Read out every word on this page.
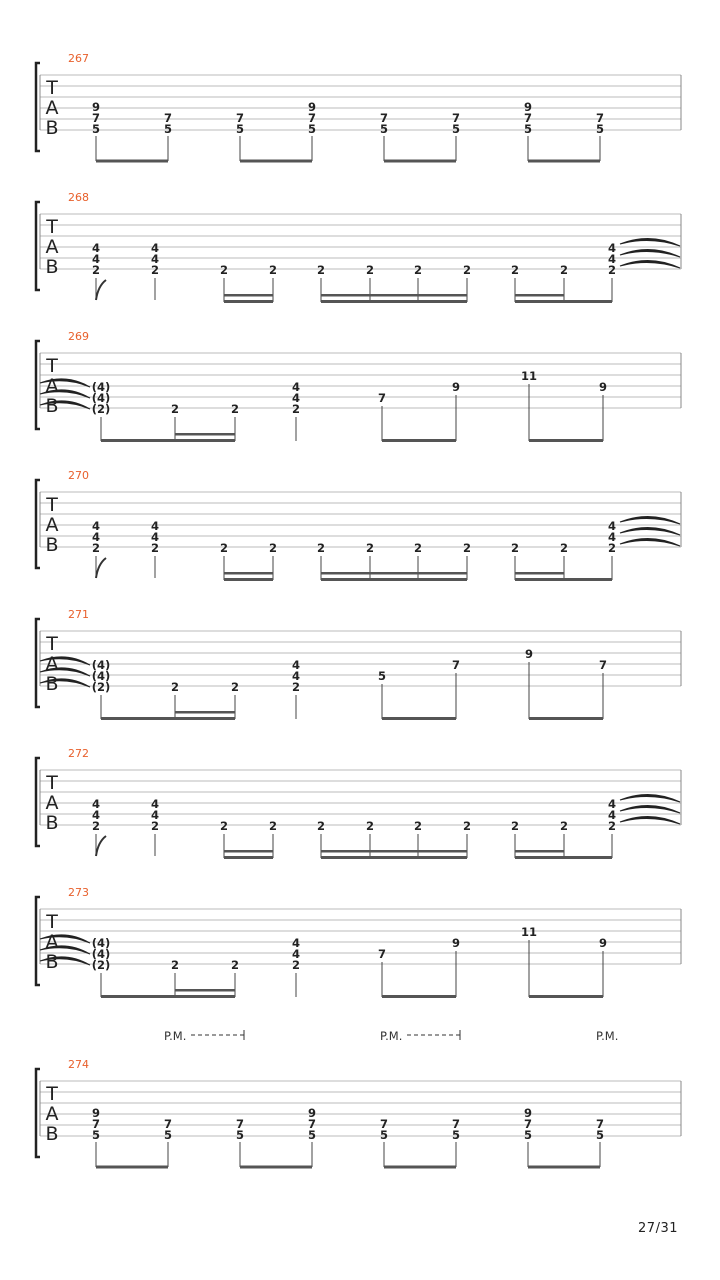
267
T
A
B
9
7
5
7
5
7
5
9
7
5
7
5
7
5
9
7
5
7
5
268
T
A
B
4
4
2
4
4
2	2	2	2	2	2	2	2	2	2
4
4
269
T
A
B
(4)
(4)
(2)	2	2
4
4
2
7
9
11
9
270
T
A
B
4
4
2
4
4
2	2	2	2	2	2	2	2	2	2
4
4
271
T
A
B
(4)
(4)
(2)	2	2
4
4
2
5
7
9
7
272
T
A
B
4
4
2
4
4
2	2	2	2	2	2	2	2	2	2
4
4
273
T
A
B
(4)
(4)
(2)	2	2
4
4
2
7
9
11
9
274
P.M.	P.M.	P.M.
T
A
B
9
7
5
7
5
7
5
9
7
5
7
5
7
5
9
7
5
7
5
27/31
